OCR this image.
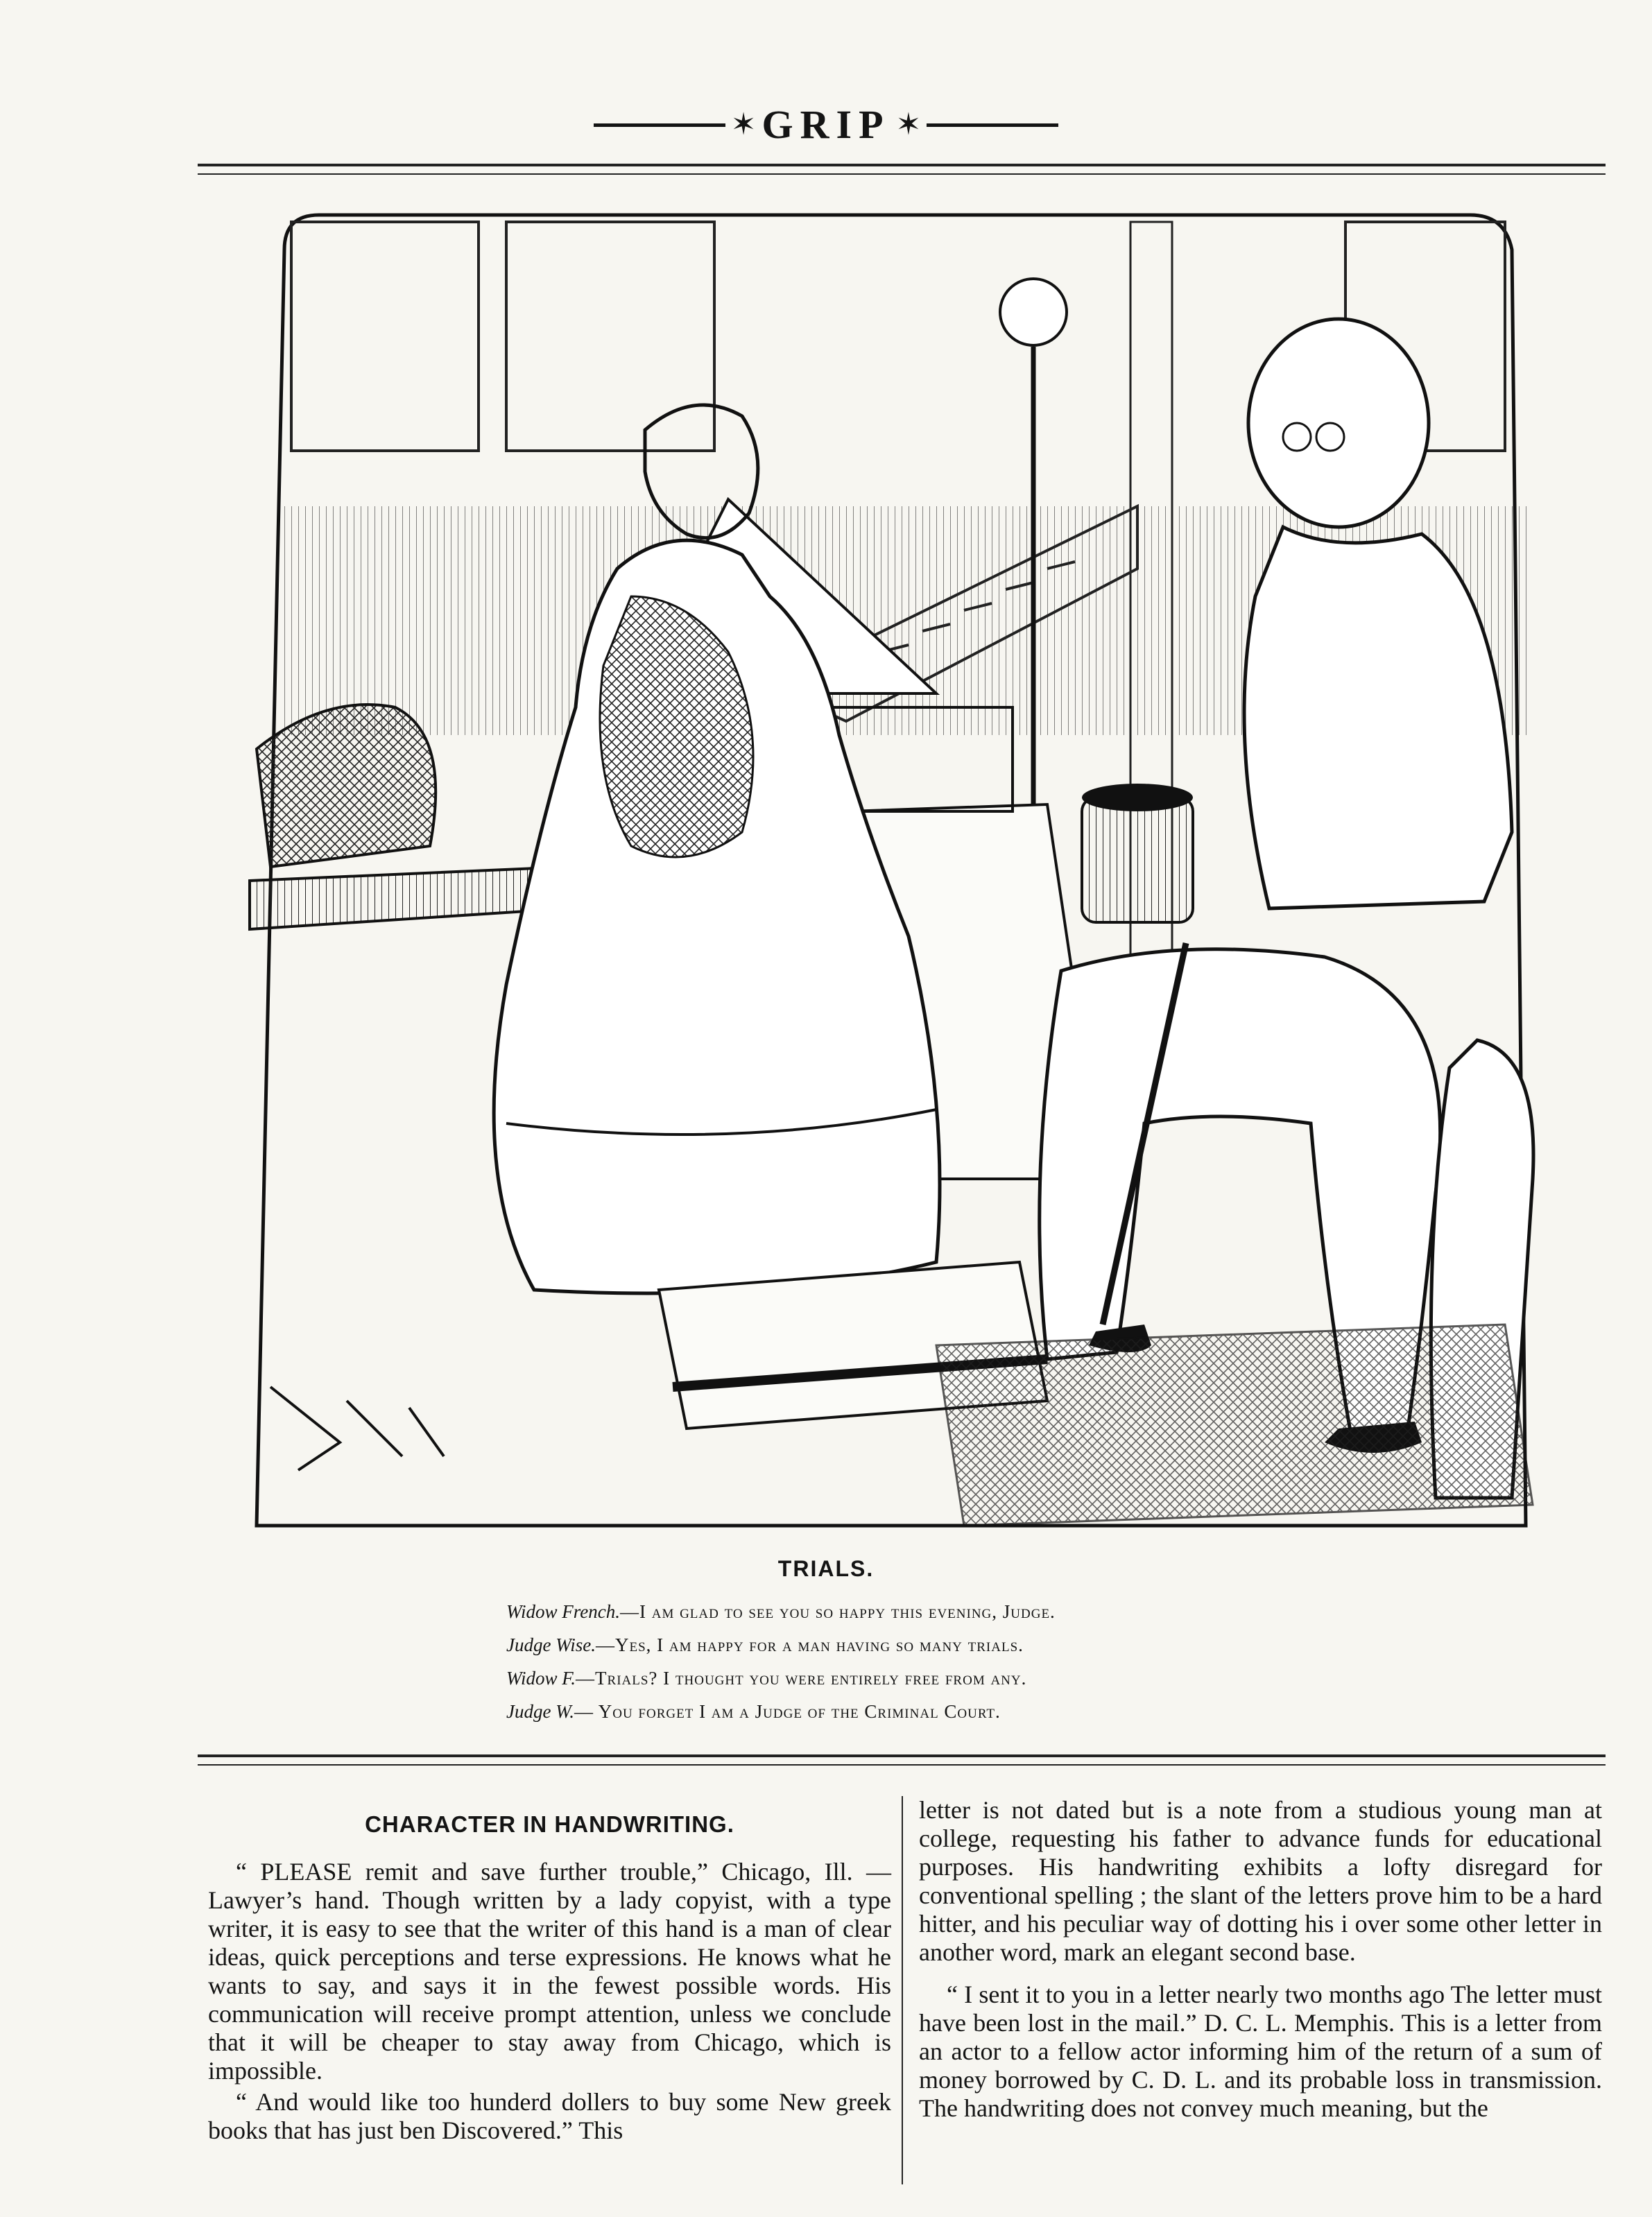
✶ GRIP ✶
TRIALS.
Widow French.—I am glad to see you so happy this evening, Judge.
Judge Wise.—Yes, I am happy for a man having so many trials.
Widow F.—Trials? I thought you were entirely free from any.
Judge W.— You forget I am a Judge of the Criminal Court.
CHARACTER IN HANDWRITING.

“ PLEASE remit and save further trouble,” Chicago, Ill. —Lawyer’s hand. Though written by a lady copyist, with a type writer, it is easy to see that the writer of this hand is a man of clear ideas, quick perceptions and terse expressions. He knows what he wants to say, and says it in the fewest possible words. His communication will receive prompt attention, unless we conclude that it will be cheaper to stay away from Chicago, which is impossible.

“ And would like too hunderd dollers to buy some New greek books that has just ben Discovered.” This

letter is not dated but is a note from a studious young man at college, requesting his father to advance funds for educational purposes. His handwriting exhibits a lofty disregard for conventional spelling ; the slant of the letters prove him to be a hard hitter, and his peculiar way of dotting his i over some other letter in another word, mark an elegant second base.

“ I sent it to you in a letter nearly two months ago The letter must have been lost in the mail.” D. C. L. Memphis. This is a letter from an actor to a fellow actor informing him of the return of a sum of money borrowed by C. D. L. and its probable loss in transmission. The handwriting does not convey much meaning, but the
